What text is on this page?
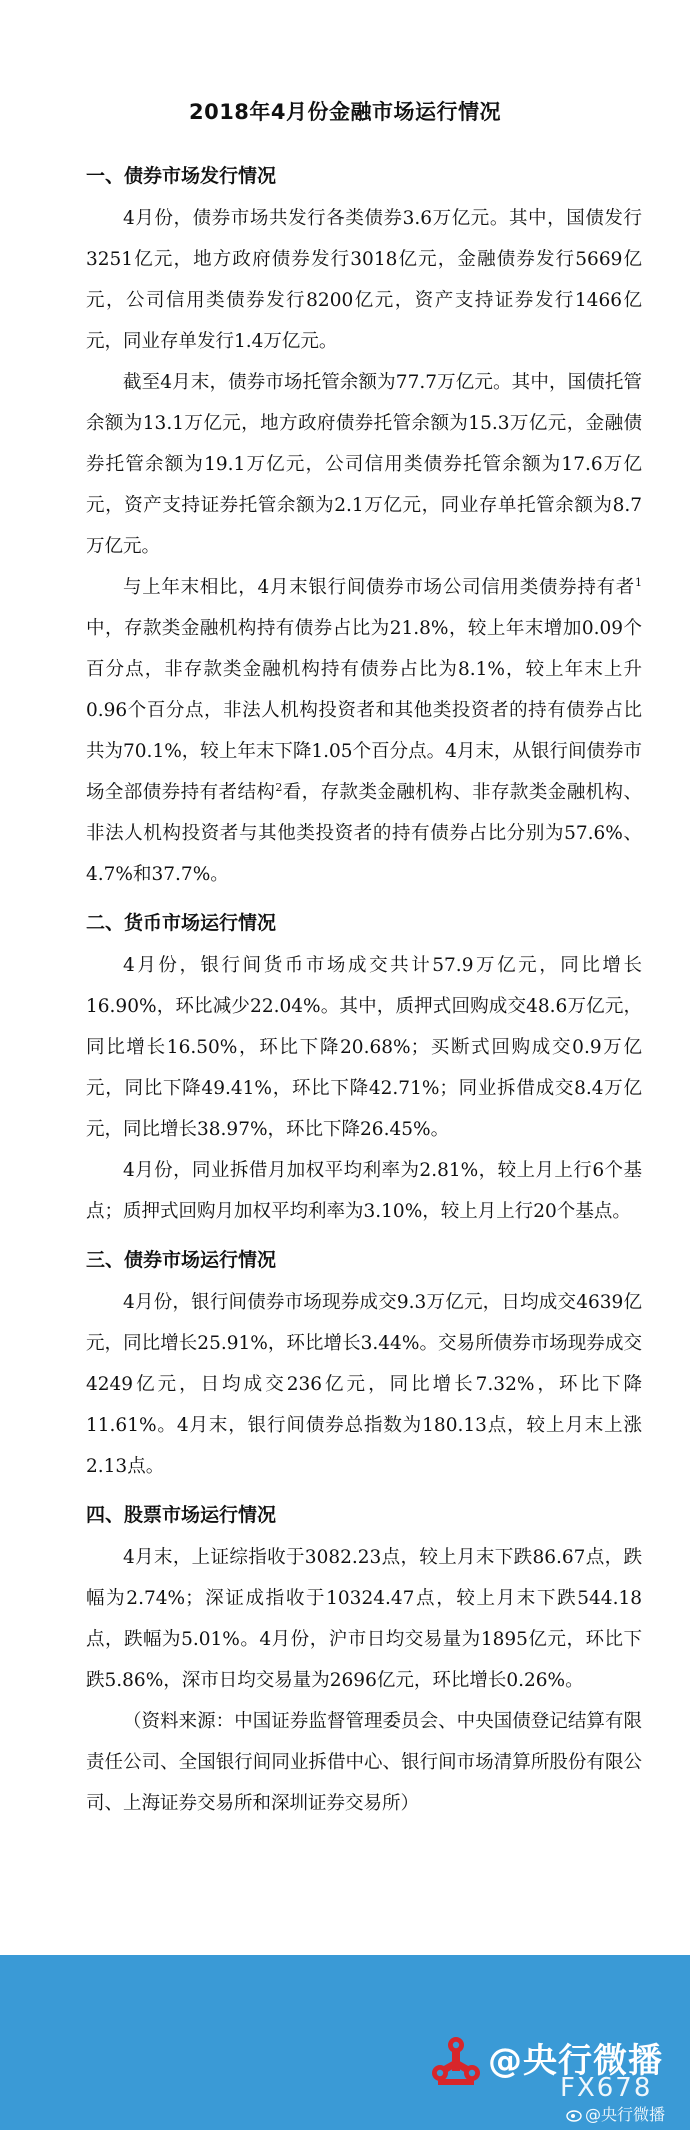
2018年4月份金融市场运行情况
一、债券市场发行情况

4月份，债券市场共发行各类债券3.6万亿元。其中，国债发行3251亿元，地方政府债券发行3018亿元，金融债券发行5669亿元，公司信用类债券发行8200亿元，资产支持证券发行1466亿元，同业存单发行1.4万亿元。

截至4月末，债券市场托管余额为77.7万亿元。其中，国债托管余额为13.1万亿元，地方政府债券托管余额为15.3万亿元，金融债券托管余额为19.1万亿元，公司信用类债券托管余额为17.6万亿元，资产支持证券托管余额为2.1万亿元，同业存单托管余额为8.7万亿元。

与上年末相比，4月末银行间债券市场公司信用类债券持有者$^1$中，存款类金融机构持有债券占比为21.8%，较上年末增加0.09个百分点，非存款类金融机构持有债券占比为8.1%，较上年末上升0.96个百分点，非法人机构投资者和其他类投资者的持有债券占比共为70.1%，较上年末下降1.05个百分点。4月末，从银行间债券市场全部债券持有者结构$^2$看，存款类金融机构、非存款类金融机构、非法人机构投资者与其他类投资者的持有债券占比分别为57.6%、4.7%和37.7%。

二、货币市场运行情况

4月份，银行间货币市场成交共计57.9万亿元，同比增长16.90%，环比减少22.04%。其中，质押式回购成交48.6万亿元，同比增长16.50%，环比下降20.68%；买断式回购成交0.9万亿元，同比下降49.41%，环比下降42.71%；同业拆借成交8.4万亿元，同比增长38.97%，环比下降26.45%。

4月份，同业拆借月加权平均利率为2.81%，较上月上行6个基点；质押式回购月加权平均利率为3.10%，较上月上行20个基点。

三、债券市场运行情况

4月份，银行间债券市场现券成交9.3万亿元，日均成交4639亿元，同比增长25.91%，环比增长3.44%。交易所债券市场现券成交4249亿元，日均成交236亿元，同比增长7.32%，环比下降11.61%。4月末，银行间债券总指数为180.13点，较上月末上涨2.13点。

四、股票市场运行情况

4月末，上证综指收于3082.23点，较上月末下跌86.67点，跌幅为2.74%；深证成指收于10324.47点，较上月末下跌544.18点，跌幅为5.01%。4月份，沪市日均交易量为1895亿元，环比下跌5.86%，深市日均交易量为2696亿元，环比增长0.26%。

（资料来源：中国证券监督管理委员会、中央国债登记结算有限责任公司、全国银行间同业拆借中心、银行间市场清算所股份有限公司、上海证券交易所和深圳证券交易所）

@央行微播
FX678
@央行微播
